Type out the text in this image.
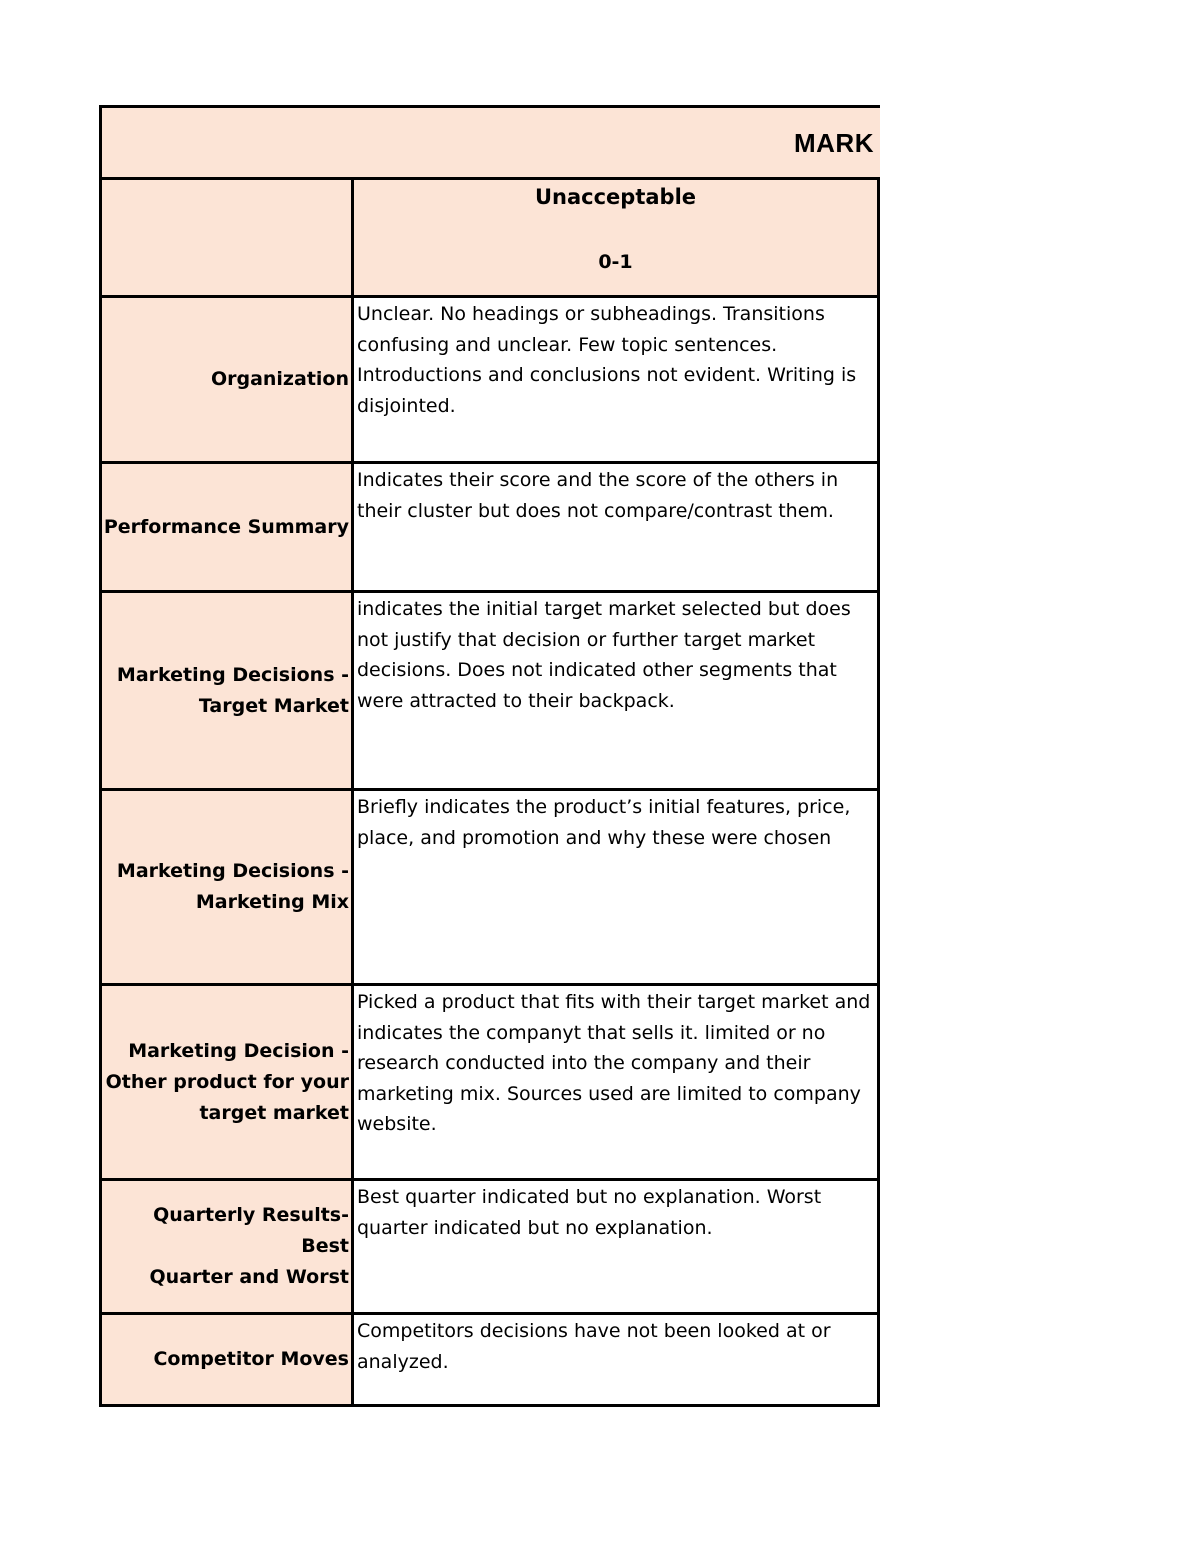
MARK
Unacceptable
0-1
Organization
Unclear. No headings or subheadings. Transitions confusing and unclear. Few topic sentences. Introductions and conclusions not evident. Writing is disjointed.
Performance Summary
Indicates their score and the score of the others in their cluster but does not compare/contrast them.
Marketing Decisions -
Target Market
indicates the initial target market selected but does not justify that decision or further target market decisions. Does not indicated other segments that were attracted to their backpack.
Marketing Decisions -
Marketing Mix
Briefly indicates the product’s initial features, price, place, and promotion and why these were chosen
Marketing Decision -
Other product for your
target market
Picked a product that fits with their target market and indicates the companyt that sells it. limited or no research conducted into the company and their marketing mix. Sources used are limited to company website.
Quarterly Results- Best
Quarter and Worst
Best quarter indicated but no explanation. Worst quarter indicated but no explanation.
Competitor Moves
Competitors decisions have not been looked at or analyzed.
